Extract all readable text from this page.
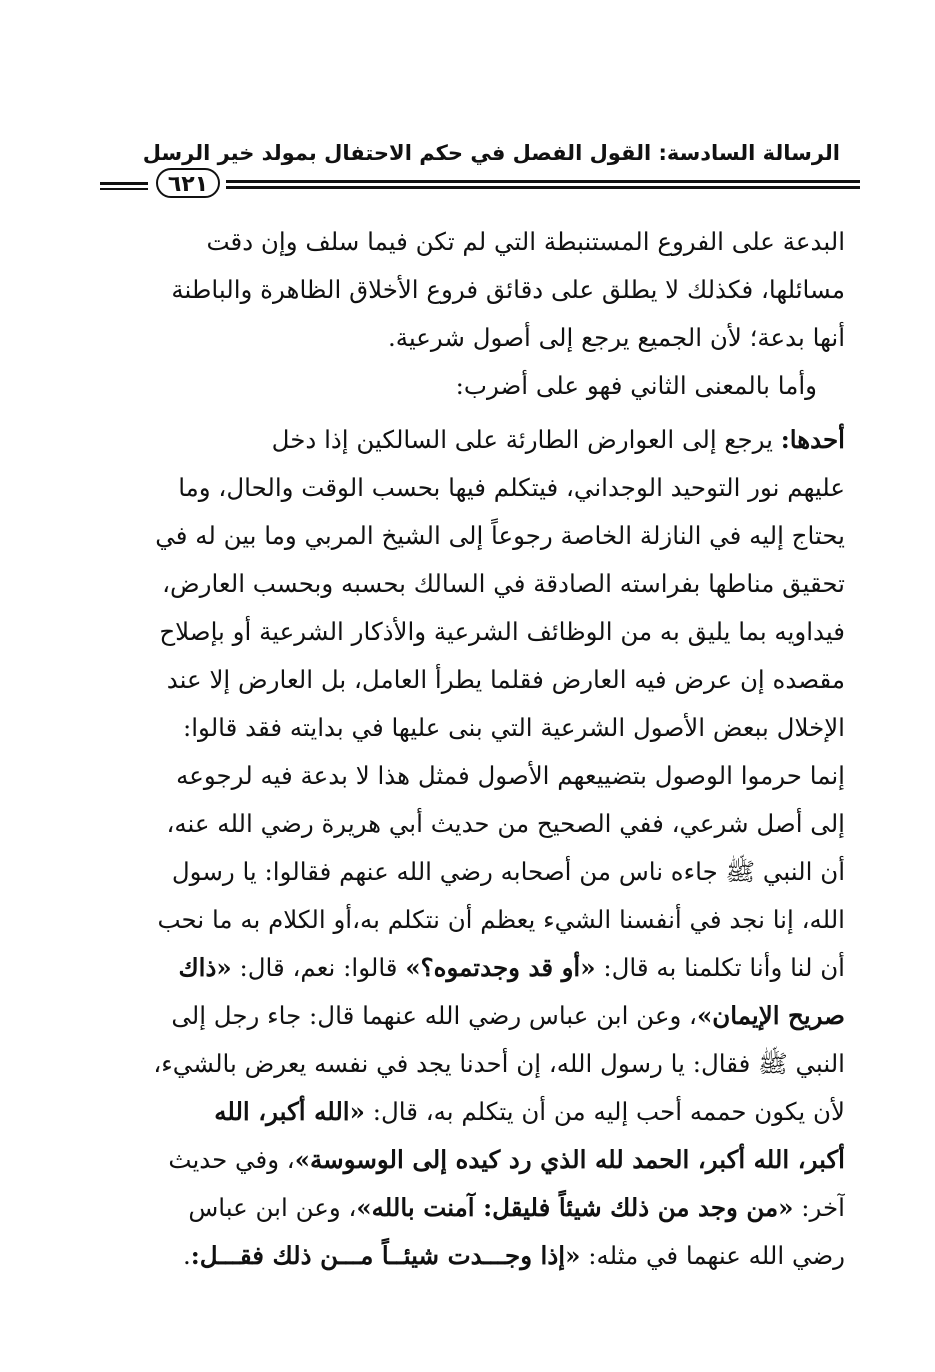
الرسالة السادسة: القول الفصل في حكم الاحتفال بمولد خير الرسل
٦٢١
البدعة على الفروع المستنبطة التي لم تكن فيما سلف وإن دقت
مسائلها، فكذلك لا يطلق على دقائق فروع الأخلاق الظاهرة والباطنة
أنها بدعة؛ لأن الجميع يرجع إلى أصول شرعية.
وأما بالمعنى الثاني فهو على أضرب:
أحدها: يرجع إلى العوارض الطارئة على السالكين إذا دخل
عليهم نور التوحيد الوجداني، فيتكلم فيها بحسب الوقت والحال، وما
يحتاج إليه في النازلة الخاصة رجوعاً إلى الشيخ المربي وما بين له في
تحقيق مناطها بفراسته الصادقة في السالك بحسبه وبحسب العارض،
فيداويه بما يليق به من الوظائف الشرعية والأذكار الشرعية أو بإصلاح
مقصده إن عرض فيه العارض فقلما يطرأ العامل، بل العارض إلا عند
الإخلال ببعض الأصول الشرعية التي بنى عليها في بدايته فقد قالوا:
إنما حرموا الوصول بتضييعهم الأصول فمثل هذا لا بدعة فيه لرجوعه
إلى أصل شرعي، ففي الصحيح من حديث أبي هريرة رضي الله عنه،
أن النبي ﷺ جاءه ناس من أصحابه رضي الله عنهم فقالوا: يا رسول
الله، إنا نجد في أنفسنا الشيء يعظم أن نتكلم به،أو الكلام به ما نحب
أن لنا وأنا تكلمنا به قال: «أو قد وجدتموه؟» قالوا: نعم، قال: «ذاك
صريح الإيمان»، وعن ابن عباس رضي الله عنهما قال: جاء رجل إلى
النبي ﷺ فقال: يا رسول الله، إن أحدنا يجد في نفسه يعرض بالشيء،
لأن يكون حممه أحب إليه من أن يتكلم به، قال: «الله أكبر، الله
أكبر، الله أكبر، الحمد لله الذي رد كيده إلى الوسوسة»، وفي حديث
آخر: «من وجد من ذلك شيئاً فليقل: آمنت بالله»، وعن ابن عباس
رضي الله عنهما في مثله: «إذا وجـــدت شيئــاً مـــن ذلك فقـــل:.
